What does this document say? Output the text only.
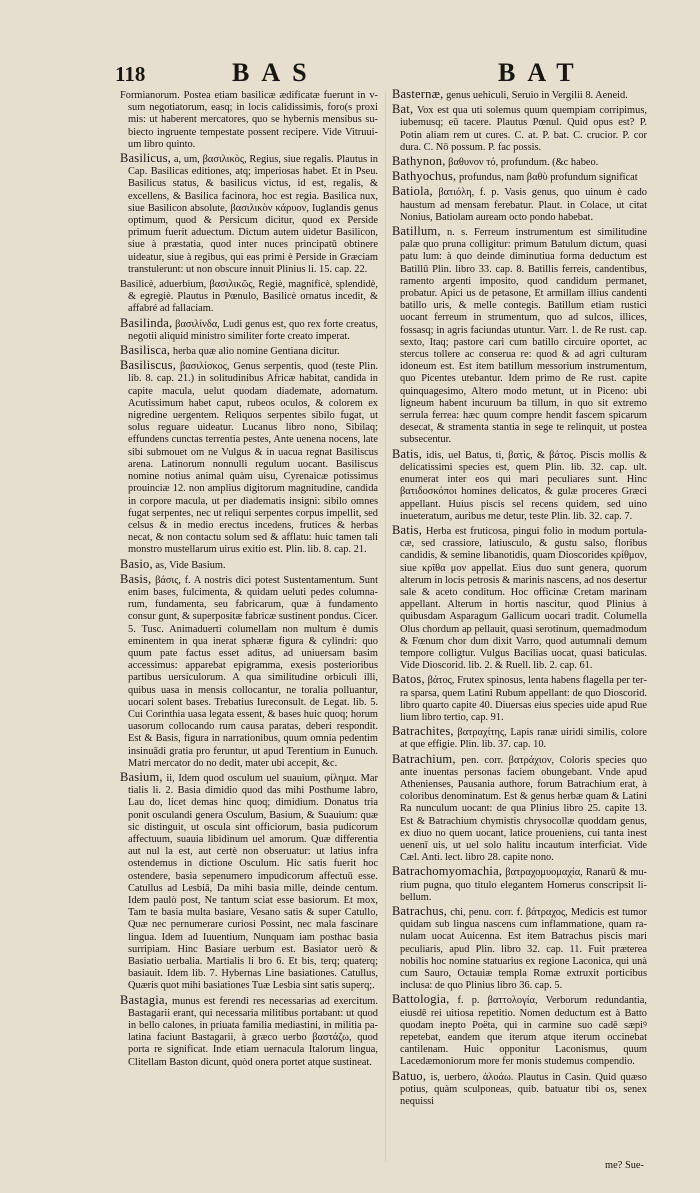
118	BAS	BAT

Formianorum. Postea etiam basilicæ ædificatæ fuerunt in vsum negotiatorum, easq; in locis calidissimis, foro(s proxi mis: ut haberent mercatores, quo se hybernis mensibus subiecto ingruente tempestate possent recipere. Vide Vitruuium libro quinto.

Basilicus, a, um, βασιλικὸς, Regius, siue regalis. Plautus in Cap. Basilicas editiones, atq; imperiosas habet. Et in Pseu. Basilicus status, & basilicus victus, id est, regalis, & excellens, & Basilica facinora, hoc est regia. Basilica nux, siue Basilicon absolute, βασιλικὸν κάρυον, Iuglandis genus optimum, quod & Persicum dicitur, quod ex Perside primum fuerit aduectum. Dictum autem uidetur Basilicon, siue à præstatia, quod inter nuces principatū obtinere uideatur, siue à regibus, qui eas primi è Perside in Græciam transtulerunt: ut non obscure innuit Plinius li. 15. cap. 22.

Basilicè, aduerbium, βασιλικῶς, Regiè, magnificè, splendidè, & egregiè. Plautus in Pœnulo, Basilicè ornatus incedit, & affabré ad fallaciam.

Basilinda, βασιλίνδα, Ludi genus est, quo rex forte creatus, negotii aliquid ministro similiter forte creato imperat.

Basilisca, herba quæ alio nomine Gentiana dicitur.

Basiliscus, βασιλίσκος, Genus serpentis, quod (teste Plin. lib. 8. cap. 21.) in solitudinibus Africæ habitat, candida in capite macula, uelut quodam diademate, adornatum. Acutissimum habet caput, rubeos oculos, & colorem ex nigredine uergentem. Reliquos serpentes sibilo fugat, ut solus reguare uideatur. Lucanus libro nono, Sibilaq; effundens cunctas terrentia pestes, Ante uenena nocens, late sibi submouet om ne Vulgus & in uacua regnat Basiliscus arena. Latinorum nonnulli regulum uocant. Basiliscus nomine notius animal quàm uisu, Cyrenaicæ potissimus prouinciæ 12. non amplius digitorum magnitudine, candida in corpore macula, ut per diadematis insigni: sibilo omnes fugat serpentes, nec ut reliqui serpentes corpus impellit, sed celsus & in medio erectus incedens, frutices & herbas necat, & non contactu solum sed & afflatu: huic tamen tali monstro mustellarum uirus exitio est. Plin. lib. 8. cap. 21.

Basio, as, Vide Basium.

Basis, βάσις, f. A nostris dici potest Sustentamentum. Sunt enim bases, fulcimenta, & quidam ueluti pedes columnarum, fundamenta, seu fabricarum, quæ à fundamento consur gunt, & superpositæ fabricæ sustinent pondus. Cicer. 5. Tusc. Animaduerti columellam non multum è dumis eminentem in qua inerat sphæræ figura & cylindri: quo quum pate factus esset aditus, ad uniuersam basim accessimus: apparebat epigramma, exesis posterioribus partibus uersiculorum. A qua similitudine orbiculi illi, quibus uasa in mensis collocantur, ne toralia polluantur, uocari solent bases. Trebatius Iureconsult. de Legat. lib. 5. Cui Corinthia uasa legata essent, & bases huic quoq; horum uasorum collocando rum causa paratas, deberi respondit. Est & Basis, figura in narrationibus, quum omnia pedentim insinuādi gratia pro feruntur, ut apud Terentium in Eunuch. Matri mercator do no dedit, mater ubi accepit, &c.

Basium, ii, Idem quod osculum uel suauium, φίλημα. Mar tialis li. 2. Basia dimidio quod das mihi Posthume labro, Lau do, licet demas hinc quoq; dimidium. Donatus tria ponit osculandi genera Osculum, Basium, & Suauium: quæ sic distinguit, ut oscula sint officiorum, basia pudicorum affectuum, suauia libidinum uel amorum. Quæ differentia aut nul la est, aut certè non obseruatur: ut latius infra ostendemus in dictione Osculum. Hic satis fuerit hoc ostendere, basia sepenumero impudicorum affectuū esse. Catullus ad Lesbiā, Da mihi basia mille, deinde centum. Idem paulò post, Ne tantum sciat esse basiorum. Et mox, Tam te basia multa basiare, Vesano satis & super Catullo, Quæ nec pernumerare curiosi Possint, nec mala fascinare lingua. Idem ad Iuuentium, Nunquam iam posthac basia surripiam. Hinc Basiare uerbum est. Basiator uerò & Basiatio uerbalia. Martialis li bro 6. Et bis, terq; quaterq; basiauit. Idem lib. 7. Hybernas Line basiationes. Catullus, Quæris quot mihi basiationes Tuæ Lesbia sint satis superq;.

Bastagia, munus est ferendi res necessarias ad exercitum. Bastagarii erant, qui necessaria militibus portabant: ut quod in bello calones, in priuata familia mediastini, in militia palatina faciunt Bastagarii, à græco uerbo βαστάζω, quod porta re significat. Inde etiam uernacula Italorum lingua, Clitellam Baston dicunt, quòd onera portet atque sustineat.

Basternæ, genus uehiculi, Seruio in Vergilii 8. Aeneid.

Bat, Vox est qua uti solemus quum quempiam corripimus, iubemusq; eū tacere. Plautus Pœnul. Quid opus est? P. Potin aliam rem ut cures. C. at. P. bat. C. crucior. P. cor dura. C. Nō possum. P. fac possis.

Bathynon, βαθυνον τό, profundum. (&c habeo.

Bathyochus, profundus, nam βαθὺ profundum significat

Batiola, βατιόλη, f. p. Vasis genus, quo uinum è cado haustum ad mensam ferebatur. Plaut. in Colace, ut citat Nonius, Batiolam auream octo pondo habebat.

Batillum, n. s. Ferreum instrumentum est similitudine palæ quo pruna colligitur: primum Batulum dictum, quasi patu lum: à quo deinde diminutiua forma deductum est Batillū Plin. libro 33. cap. 8. Batillis ferreis, candentibus, ramento argenti imposito, quod candidum permanet, probatur. Apici us de petasone, Et armillam illius candenti batillo uris, & melle contegis. Batillum etiam rustici uocant ferreum in strumentum, quo ad sulcos, illices, fossasq; in agris faciundas utuntur. Varr. 1. de Re rust. cap. sexto, Itaq; pastore cari cum batillo circuire oportet, ac stercus tollere ac conserua re: quod & ad agri culturam idoneum est. Est item batillum messorium instrumentum, quo Picentes utebantur. Idem primo de Re rust. capite quinquagesimo, Altero modo metunt, ut in Piceno: ubi ligneum habent incuruum ba tillum, in quo sit extremo serrula ferrea: hæc quum compre hendit fascem spicarum desecat, & stramenta stantia in sege te relinquit, ut postea subsecentur.

Batis, idis, uel Batus, ti, βατὶς, & βάτος. Piscis mollis & delicatissimi species est, quem Plin. lib. 32. cap. ult. enumerat inter eos qui mari peculiares sunt. Hinc βατιδοσκόποι homines delicatos, & gulæ proceres Græci appellant. Huius piscis sel recens quidem, sed uino inueteratum, auribus me detur, teste Plin. lib. 32. cap. 7.

Batis, Herba est fruticosa, pingui folio in modum portulacæ, sed crassiore, latiusculo, & gustu salso, floribus candidis, & semine libanotidis, quam Dioscorides κρίθμον, siue κρῖθα μον appellat. Eius duo sunt genera, quorum alterum in locis petrosis & marinis nascens, ad nos desertur sale & aceto conditum. Hoc officinæ Cretam marinam appellant. Alterum in hortis nascitur, quod Plinius à quibusdam Asparagum Gallicum uocari tradit. Columella Olus chordum ap pellauit, quasi serotinum, quemadmodum & Fœnum chor dum dixit Varro, quod autumnali demum tempore colligtur. Vulgus Bacilias uocat, quasi baticulas. Vide Dioscorid. lib. 2. & Ruell. lib. 2. cap. 61.

Batos, βάτος, Frutex spinosus, lenta habens flagella per terra sparsa, quem Latini Rubum appellant: de quo Dioscorid. libro quarto capite 40. Diuersas eius species uide apud Rue lium libro tertio, cap. 91.

Batrachites, βατραχίτης, Lapis ranæ uiridi similis, colore at que effigie. Plin. lib. 37. cap. 10.

Batrachium, pen. corr. βατράχιον, Coloris species quo ante inuentas personas faciem obungebant. Vnde apud Athenienses, Pausania authore, forum Batrachium erat, à coloribus denominatum. Est & genus herbæ quam & Latini Ra nunculum uocant: de qua Plinius libro 25. capite 13. Est & Batrachium chymistis chrysocollæ quoddam genus, ex diuo no quem uocant, latice proueniens, cui tanta inest uenenī uis, ut uel solo halitu incautum interficiat. Vide Cæl. Anti. lect. libro 28. capite nono.

Batrachomyomachia, βατραχομυομαχία, Ranarū & murium pugna, quo titulo elegantem Homerus conscripsit libellum.

Batrachus, chi, penu. corr. f. βάτραχος, Medicis est tumor quidam sub lingua nascens cum inflammatione, quam ranulam uocat Auicenna. Est item Batrachus piscis mari peculiaris, apud Plin. libro 32. cap. 11. Fuit præterea nobilis hoc nomine statuarius ex regione Laconica, qui unà cum Sauro, Octauiæ templa Romæ extruxit porticibus inclusa: de quo Plinius libro 36. cap. 5.

Battologia, f. p. βαττολογία, Verborum redundantia, eiusdē rei uitiosa repetitio. Nomen deductum est à Batto quodam inepto Poëta, qui in carmine suo cadē sæpiꝰ repetebat, eandem que iterum atque iterum occinebat cantilenam. Huic opponitur Laconismus, quum Lacedæmoniorum more fer monis studemus compendio.

Batuo, is, uerbero, ἀλοάω. Plautus in Casin. Quid quæso potius, quàm sculponeas, quib. batuatur tibi os, senex nequissi

me? Sue-
